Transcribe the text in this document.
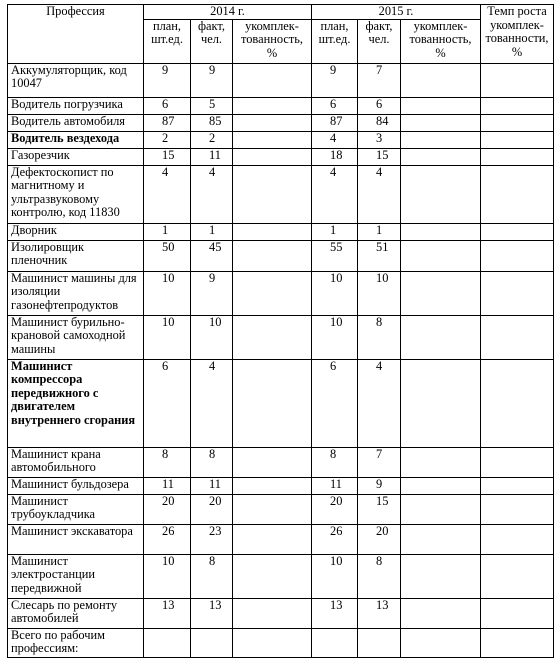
Профессия	2014 г.			2015 г.			Темп роста укомплек-тованности, %
	план, шт.ед.	факт, чел.	укомплек-тованность, %	план, шт.ед.	факт, чел.	укомплек-тованность, %	
Аккумуляторщик, код 10047	9	9		9	7		
Водитель погрузчика	6	5		6	6		
Водитель автомобиля	87	85		87	84		
Водитель вездехода	2	2		4	3		
Газорезчик	15	11		18	15		
Дефектоскопист по магнитному и ультразвуковому контролю, код 11830	4	4		4	4		
Дворник	1	1		1	1		
Изолировщик пленочник	50	45		55	51		
Машинист машины для изоляции газонефтепродуктов	10	9		10	10		
Машинист бурильно-крановой самоходной машины	10	10		10	8		
Машинист компрессора передвижного с двигателем внутреннего сгорания	6	4		6	4		
Машинист крана автомобильного	8	8		8	7		
Машинист бульдозера	11	11		11	9		
Машинист трубоукладчика	20	20		20	15		
Машинист экскаватора	26	23		26	20		
Машинист электростанции передвижной	10	8		10	8		
Слесарь по ремонту автомобилей	13	13		13	13		
Всего по рабочим профессиям:							
